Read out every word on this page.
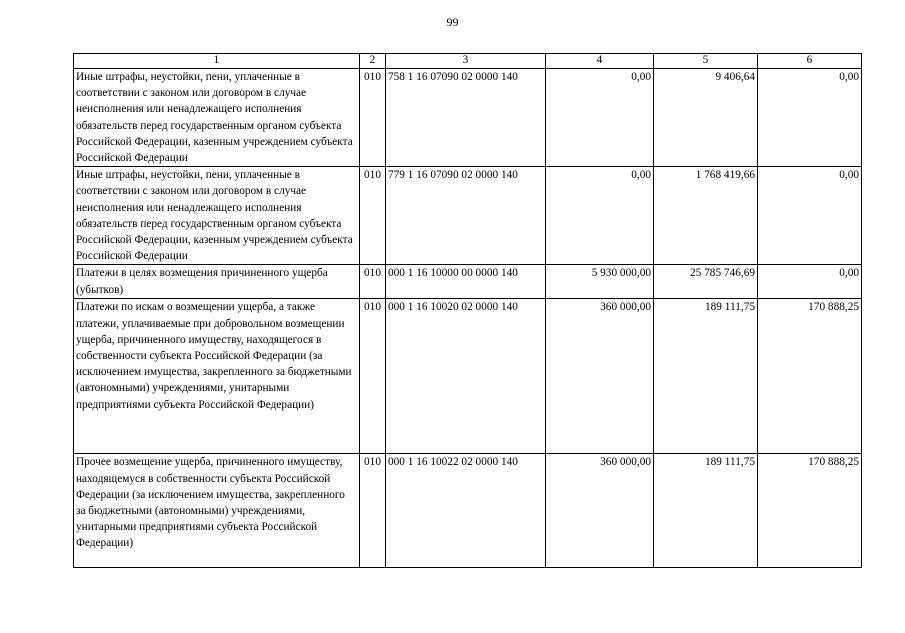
99
1	2	3	4	5	6
Иные штрафы, неустойки, пени, уплаченные в соответствии с законом или договором в случае неисполнения или ненадлежащего исполнения обязательств перед государственным органом субъекта Российской Федерации, казенным учреждением субъекта Российской Федерации	010	758 1 16 07090 02 0000 140	0,00	9 406,64	0,00
Иные штрафы, неустойки, пени, уплаченные в соответствии с законом или договором в случае неисполнения или ненадлежащего исполнения обязательств перед государственным органом субъекта Российской Федерации, казенным учреждением субъекта Российской Федерации	010	779 1 16 07090 02 0000 140	0,00	1 768 419,66	0,00
Платежи в целях возмещения причиненного ущерба (убытков)	010	000 1 16 10000 00 0000 140	5 930 000,00	25 785 746,69	0,00
Платежи по искам о возмещении ущерба, а также платежи, уплачиваемые при добровольном возмещении ущерба, причиненного имуществу, находящегося в собственности субъекта Российской Федерации (за исключением имущества, закрепленного за бюджетными (автономными) учреждениями, унитарными предприятиями субъекта Российской Федерации)	010	000 1 16 10020 02 0000 140	360 000,00	189 111,75	170 888,25
Прочее возмещение ущерба, причиненного имуществу, находящемуся в собственности субъекта Российской Федерации (за исключением имущества, закрепленного за бюджетными (автономными) учреждениями, унитарными предприятиями субъекта Российской Федерации)	010	000 1 16 10022 02 0000 140	360 000,00	189 111,75	170 888,25
